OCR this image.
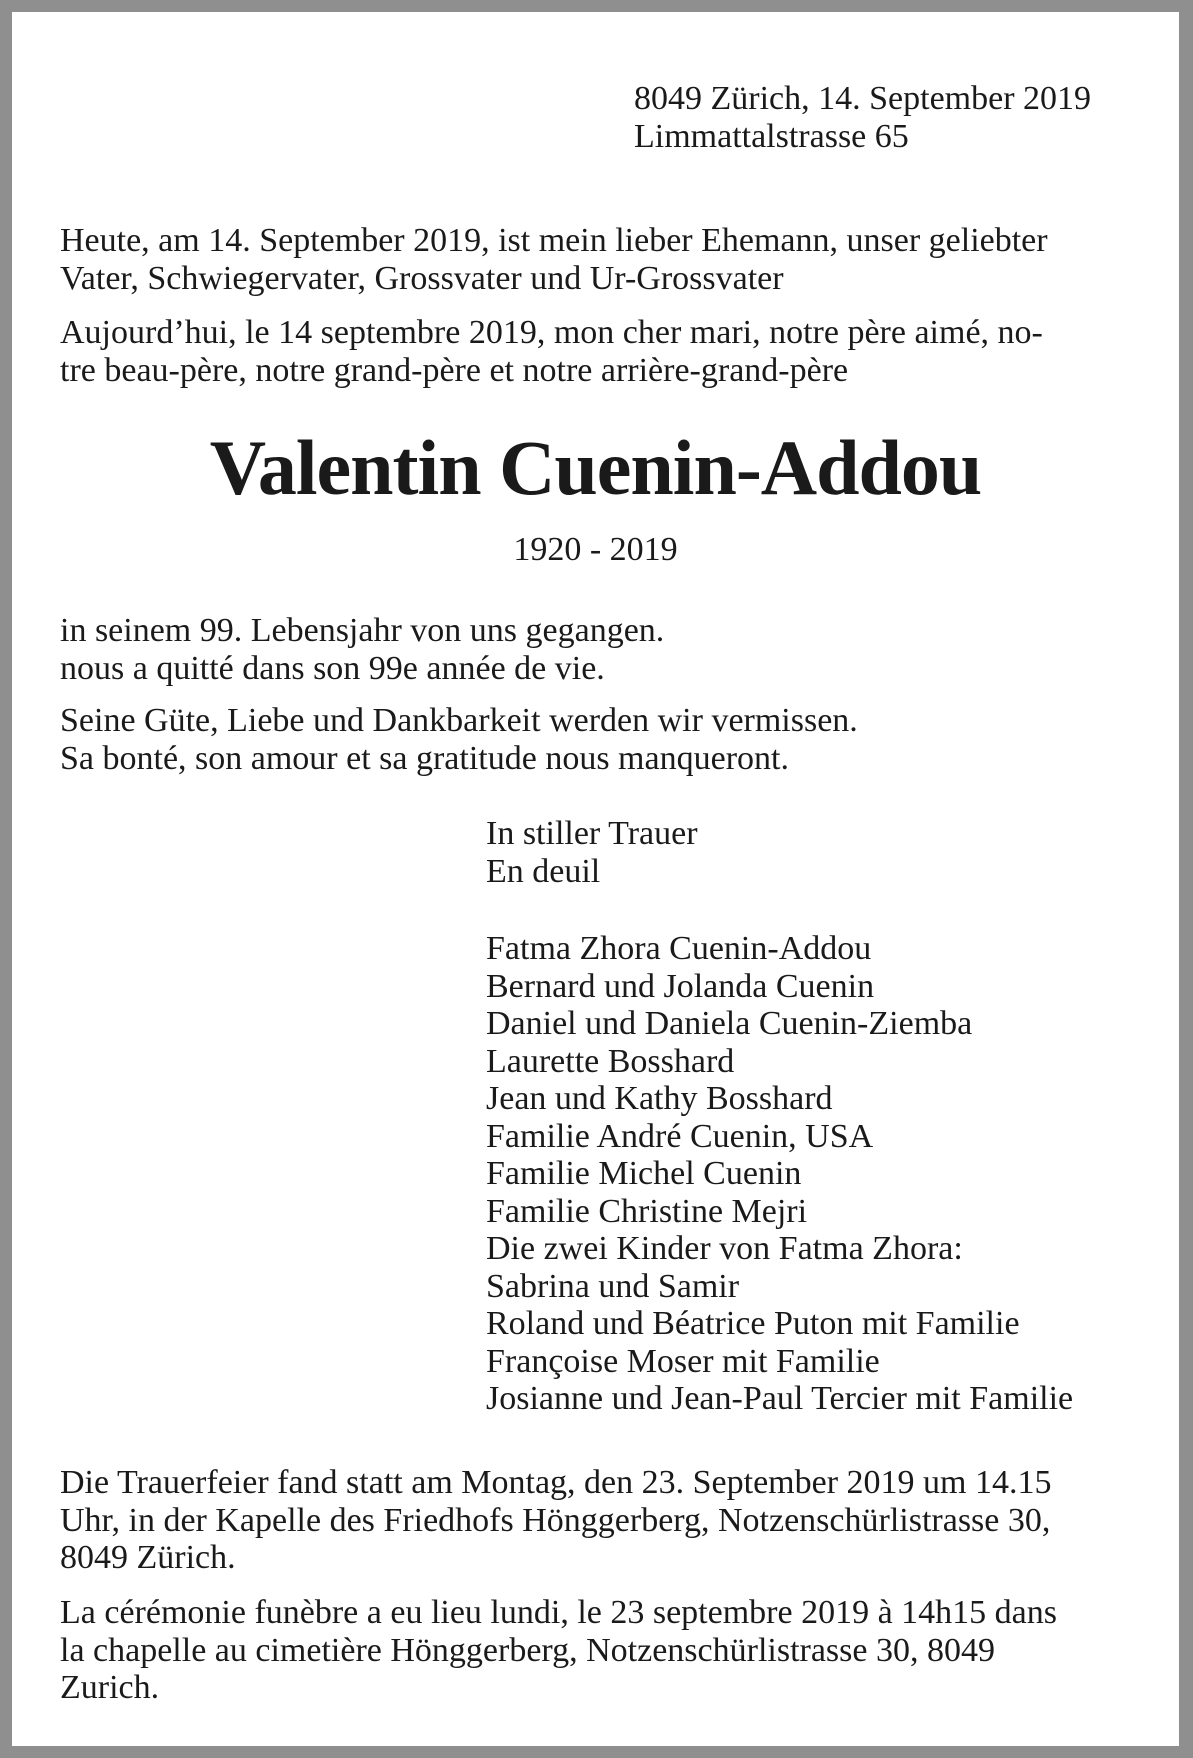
8049 Zürich, 14. September 2019
Limmattalstrasse 65
Heute, am 14. September 2019, ist mein lieber Ehemann, unser geliebter
Vater, Schwiegervater, Grossvater und Ur-Grossvater
Aujourd’hui, le 14 septembre 2019, mon cher mari, notre père aimé, no-
tre beau-père, notre grand-père et notre arrière-grand-père
Valentin Cuenin-Addou
1920 - 2019
in seinem 99. Lebensjahr von uns gegangen.
nous a quitté dans son 99e année de vie.
Seine Güte, Liebe und Dankbarkeit werden wir vermissen.
Sa bonté, son amour et sa gratitude nous manqueront.
In stiller Trauer
En deuil
Fatma Zhora Cuenin-Addou
Bernard und Jolanda Cuenin
Daniel und Daniela Cuenin-Ziemba
Laurette Bosshard
Jean und Kathy Bosshard
Familie André Cuenin, USA
Familie Michel Cuenin
Familie Christine Mejri
Die zwei Kinder von Fatma Zhora:
Sabrina und Samir
Roland und Béatrice Puton mit Familie
Françoise Moser mit Familie
Josianne und Jean-Paul Tercier mit Familie
Die Trauerfeier fand statt am Montag, den 23. September 2019 um 14.15
Uhr, in der Kapelle des Friedhofs Hönggerberg, Notzenschürlistrasse 30,
8049 Zürich.
La cérémonie funèbre a eu lieu lundi, le 23 septembre 2019 à 14h15 dans
la chapelle au cimetière Hönggerberg, Notzenschürlistrasse 30, 8049
Zurich.
